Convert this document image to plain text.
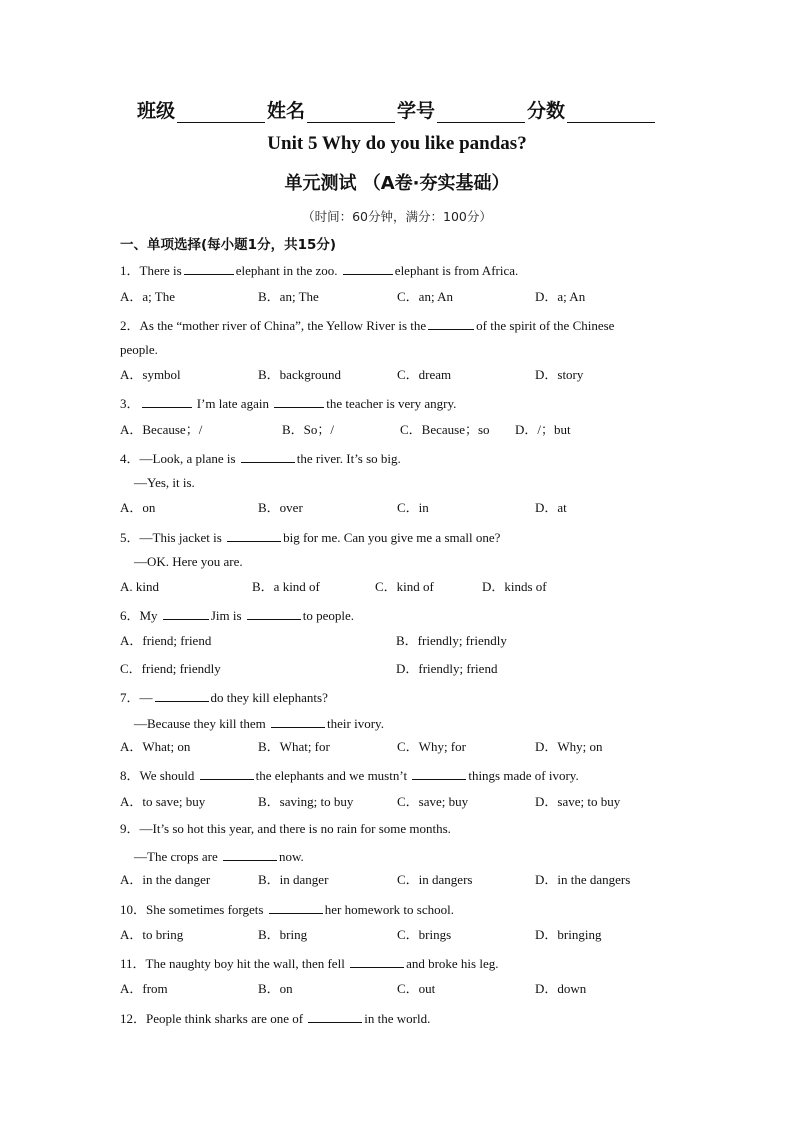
班级	姓名	学号	分数
Unit 5 Why do you like pandas?
单元测试 （A卷·夯实基础）
（时间：60分钟，满分：100分）
一、单项选择(每小题1分，共15分)
1．There is	elephant in the zoo.	elephant is from Africa.
A．a; The	B．an; The	C．an; An	D．a; An
2．As the “mother river of China”, the Yellow River is the	of the spirit of the Chinese
people.
A．symbol	B．background	C．dream	D．story
3．	I’m late again	the teacher is very angry.
A．Because；/	B．So；/	C．Because；so D．/；but
4．—Look, a plane is	the river. It’s so big.
—Yes, it is.
A．on	B．over	C．in	D．at
5．—This jacket is	big for me. Can you give me a small one?
—OK. Here you are.
A. kind	B．a kind of	C．kind of	D．kinds of
6．My	Jim is	to people.
A．friend; friend	B．friendly; friendly
C．friend; friendly	D．friendly; friend
7．—	do they kill elephants?
—Because they kill them	their ivory.
A．What; on	B．What; for	C．Why; for	D．Why; on
8．We should	the elephants and we mustn’t	things made of ivory.
A．to save; buy	B．saving; to buy	C．save; buy	D．save; to buy
9．—It’s so hot this year, and there is no rain for some months.
—The crops are	now.
A．in the danger	B．in danger	C．in dangers	D．in the dangers
10．She sometimes forgets	her homework to school.
A．to bring	B．bring	C．brings	D．bringing
11．The naughty boy hit the wall, then fell	and broke his leg.
A．from	B．on	C．out	D．down
12．People think sharks are one of	in the world.
